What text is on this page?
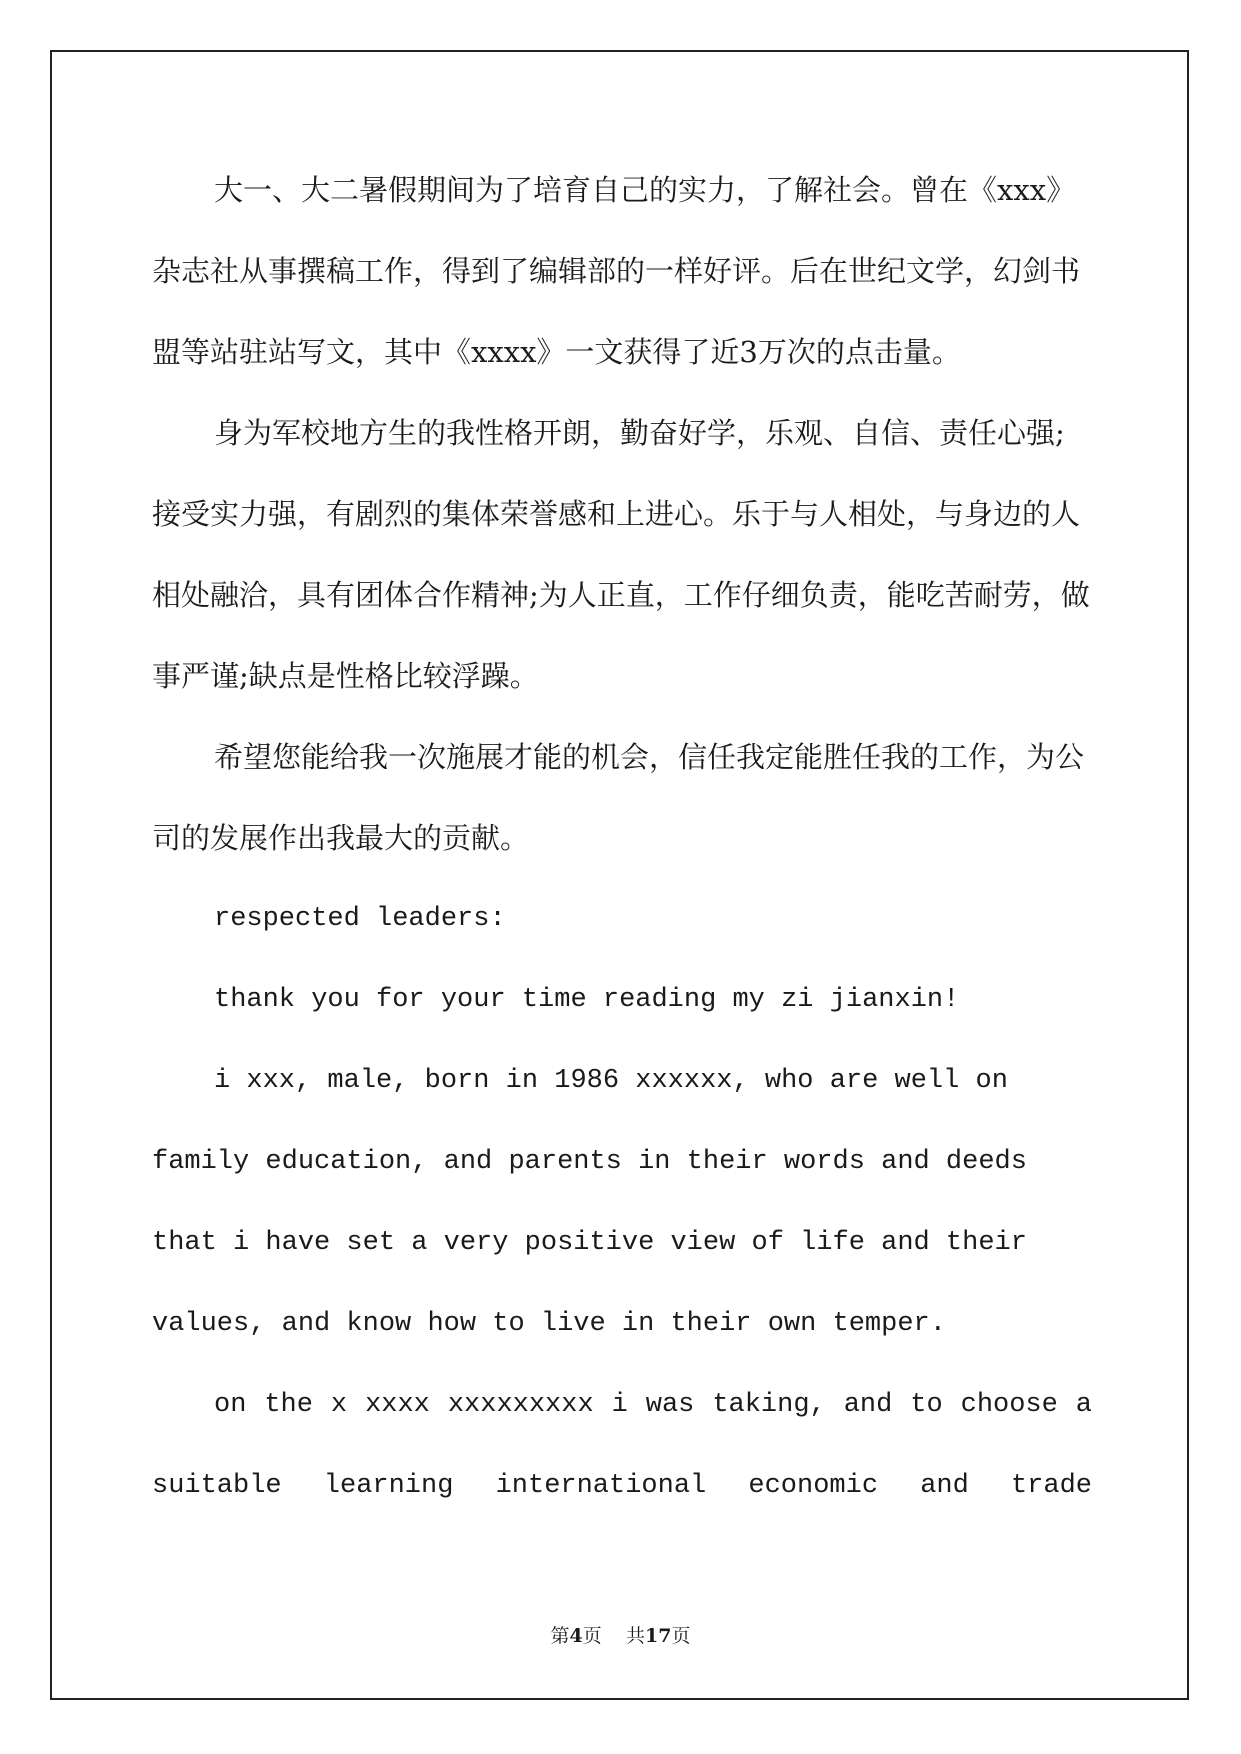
大一、大二暑假期间为了培育自己的实力，了解社会。曾在《xxx》杂志社从事撰稿工作，得到了编辑部的一样好评。后在世纪文学，幻剑书盟等站驻站写文，其中《xxxx》一文获得了近3万次的点击量。

身为军校地方生的我性格开朗，勤奋好学，乐观、自信、责任心强;接受实力强，有剧烈的集体荣誉感和上进心。乐于与人相处，与身边的人相处融洽，具有团体合作精神;为人正直，工作仔细负责，能吃苦耐劳，做事严谨;缺点是性格比较浮躁。

希望您能给我一次施展才能的机会，信任我定能胜任我的工作，为公司的发展作出我最大的贡献。

respected leaders:

thank you for your time reading my zi jianxin!

i xxx, male, born in 1986 xxxxxx, who are well on family education, and parents in their words and deeds that i have set a very positive view of life and their values, and know how to live in their own temper.

on the x xxxx xxxxxxxxx i was taking, and to choose a suitable learning international economic and trade

第4页 共17页
